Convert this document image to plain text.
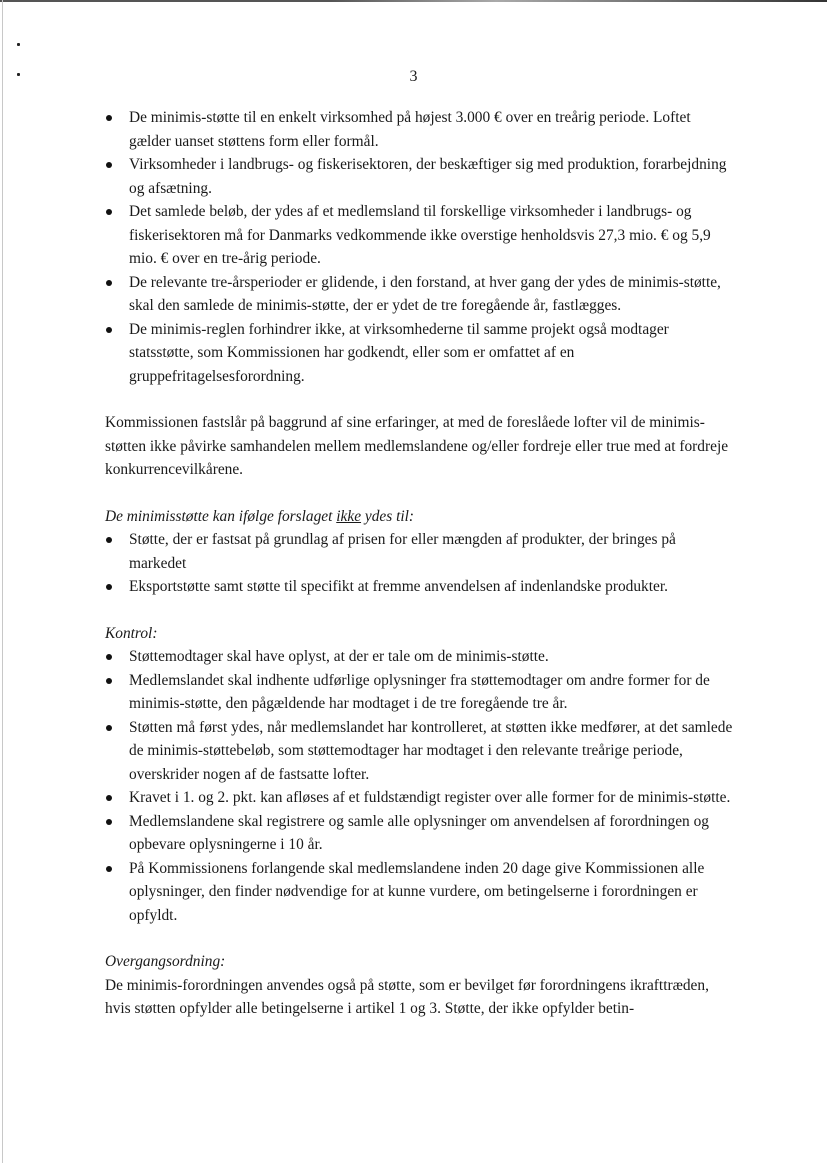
3
De minimis-støtte til en enkelt virksomhed på højest 3.000 € over en treårig periode. Loftet gælder uanset støttens form eller formål.
Virksomheder i landbrugs- og fiskerisektoren, der beskæftiger sig med produktion, forarbejdning og afsætning.
Det samlede beløb, der ydes af et medlemsland til forskellige virksomheder i landbrugs- og fiskerisektoren må for Danmarks vedkommende ikke overstige henholdsvis 27,3 mio. € og 5,9 mio. € over en tre-årig periode.
De relevante tre-årsperioder er glidende, i den forstand, at hver gang der ydes de minimis-støtte, skal den samlede de minimis-støtte, der er ydet de tre foregående år, fastlægges.
De minimis-reglen forhindrer ikke, at virksomhederne til samme projekt også modtager statsstøtte, som Kommissionen har godkendt, eller som er omfattet af en gruppefritagelsesforordning.

Kommissionen fastslår på baggrund af sine erfaringer, at med de foreslåede lofter vil de minimis-støtten ikke påvirke samhandelen mellem medlemslandene og/eller fordreje eller true med at fordreje konkurrencevilkårene.

De minimisstøtte kan ifølge forslaget ikke ydes til:

Støtte, der er fastsat på grundlag af prisen for eller mængden af produkter, der bringes på markedet
Eksportstøtte samt støtte til specifikt at fremme anvendelsen af indenlandske produkter.

Kontrol:

Støttemodtager skal have oplyst, at der er tale om de minimis-støtte.
Medlemslandet skal indhente udførlige oplysninger fra støttemodtager om andre former for de minimis-støtte, den pågældende har modtaget i de tre foregående tre år.
Støtten må først ydes, når medlemslandet har kontrolleret, at støtten ikke medfører, at det samlede de minimis-støttebeløb, som støttemodtager har modtaget i den relevante treårige periode, overskrider nogen af de fastsatte lofter.
Kravet i 1. og 2. pkt. kan afløses af et fuldstændigt register over alle former for de minimis-støtte.
Medlemslandene skal registrere og samle alle oplysninger om anvendelsen af forordningen og opbevare oplysningerne i 10 år.
På Kommissionens forlangende skal medlemslandene inden 20 dage give Kommissionen alle oplysninger, den finder nødvendige for at kunne vurdere, om betingelserne i forordningen er opfyldt.

Overgangsordning:

De minimis-forordningen anvendes også på støtte, som er bevilget før forordningens ikrafttræden, hvis støtten opfylder alle betingelserne i artikel 1 og 3. Støtte, der ikke opfylder betin-
